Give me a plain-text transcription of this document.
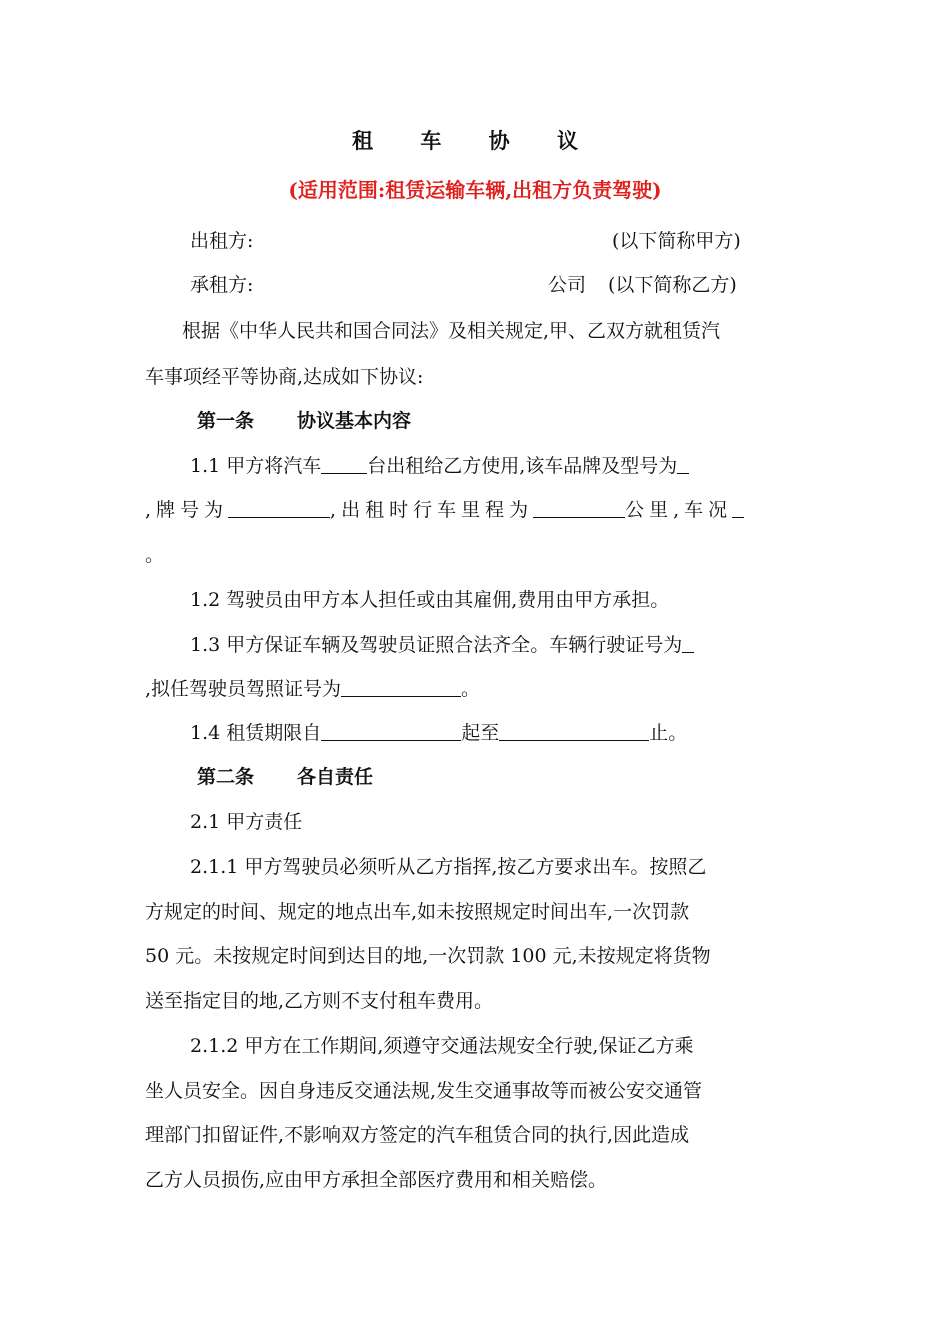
租 车 协 议
(适用范围:租赁运输车辆,出租方负责驾驶)
出租方:	(以下简称甲方)
承租方:	公司 (以下简称乙方)
根据《中华人民共和国合同法》及相关规定,甲、乙双方就租赁汽
车事项经平等协商,达成如下协议:
第一条 协议基本内容
1.1 甲方将汽车 台出租给乙方使用,该车品牌及型号为
,牌号为	,出租时行车里程为	公里,车况
。
1.2 驾驶员由甲方本人担任或由其雇佣,费用由甲方承担。
1.3 甲方保证车辆及驾驶员证照合法齐全。车辆行驶证号为
,拟任驾驶员驾照证号为	。
1.4 租赁期限自	起至	止。
第二条 各自责任
2.1 甲方责任
2.1.1 甲方驾驶员必须听从乙方指挥,按乙方要求出车。按照乙
方规定的时间、规定的地点出车,如未按照规定时间出车,一次罚款
50 元。未按规定时间到达目的地,一次罚款 100 元,未按规定将货物
送至指定目的地,乙方则不支付租车费用。
2.1.2 甲方在工作期间,须遵守交通法规安全行驶,保证乙方乘
坐人员安全。因自身违反交通法规,发生交通事故等而被公安交通管
理部门扣留证件,不影响双方签定的汽车租赁合同的执行,因此造成
乙方人员损伤,应由甲方承担全部医疗费用和相关赔偿。
